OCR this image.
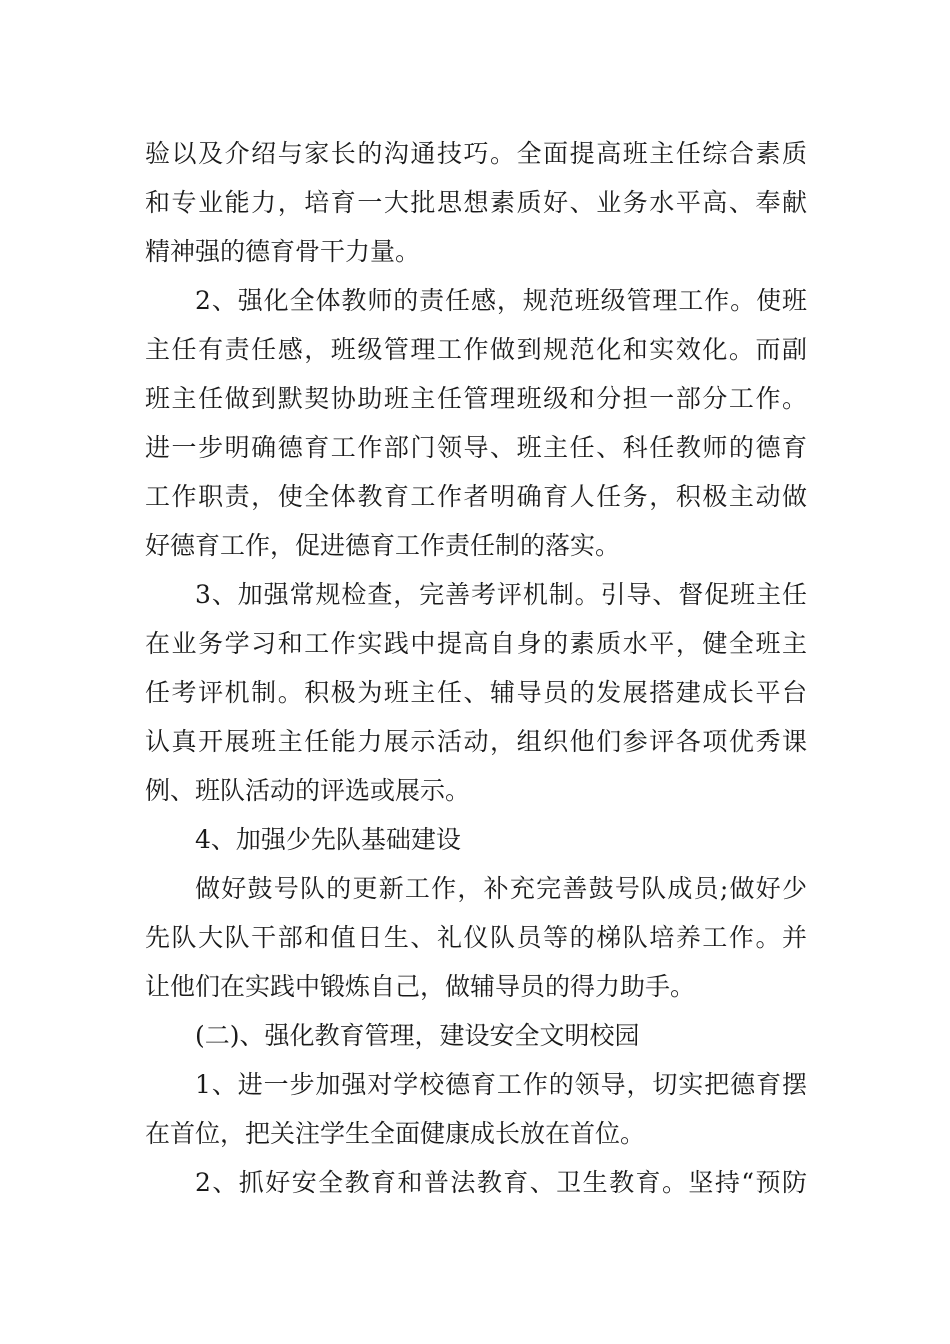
验以及介绍与家长的沟通技巧。全面提高班主任综合素质
和专业能力，培育一大批思想素质好、业务水平高、奉献
精神强的德育骨干力量。
2、强化全体教师的责任感，规范班级管理工作。使班
主任有责任感，班级管理工作做到规范化和实效化。而副
班主任做到默契协助班主任管理班级和分担一部分工作。
进一步明确德育工作部门领导、班主任、科任教师的德育
工作职责，使全体教育工作者明确育人任务，积极主动做
好德育工作，促进德育工作责任制的落实。
3、加强常规检查，完善考评机制。引导、督促班主任
在业务学习和工作实践中提高自身的素质水平，健全班主
任考评机制。积极为班主任、辅导员的发展搭建成长平台
认真开展班主任能力展示活动，组织他们参评各项优秀课
例、班队活动的评选或展示。
4、加强少先队基础建设
做好鼓号队的更新工作，补充完善鼓号队成员;做好少
先队大队干部和值日生、礼仪队员等的梯队培养工作。并
让他们在实践中锻炼自己，做辅导员的得力助手。
(二)、强化教育管理，建设安全文明校园
1、进一步加强对学校德育工作的领导，切实把德育摆
在首位，把关注学生全面健康成长放在首位。
2、抓好安全教育和普法教育、卫生教育。坚持“预防
